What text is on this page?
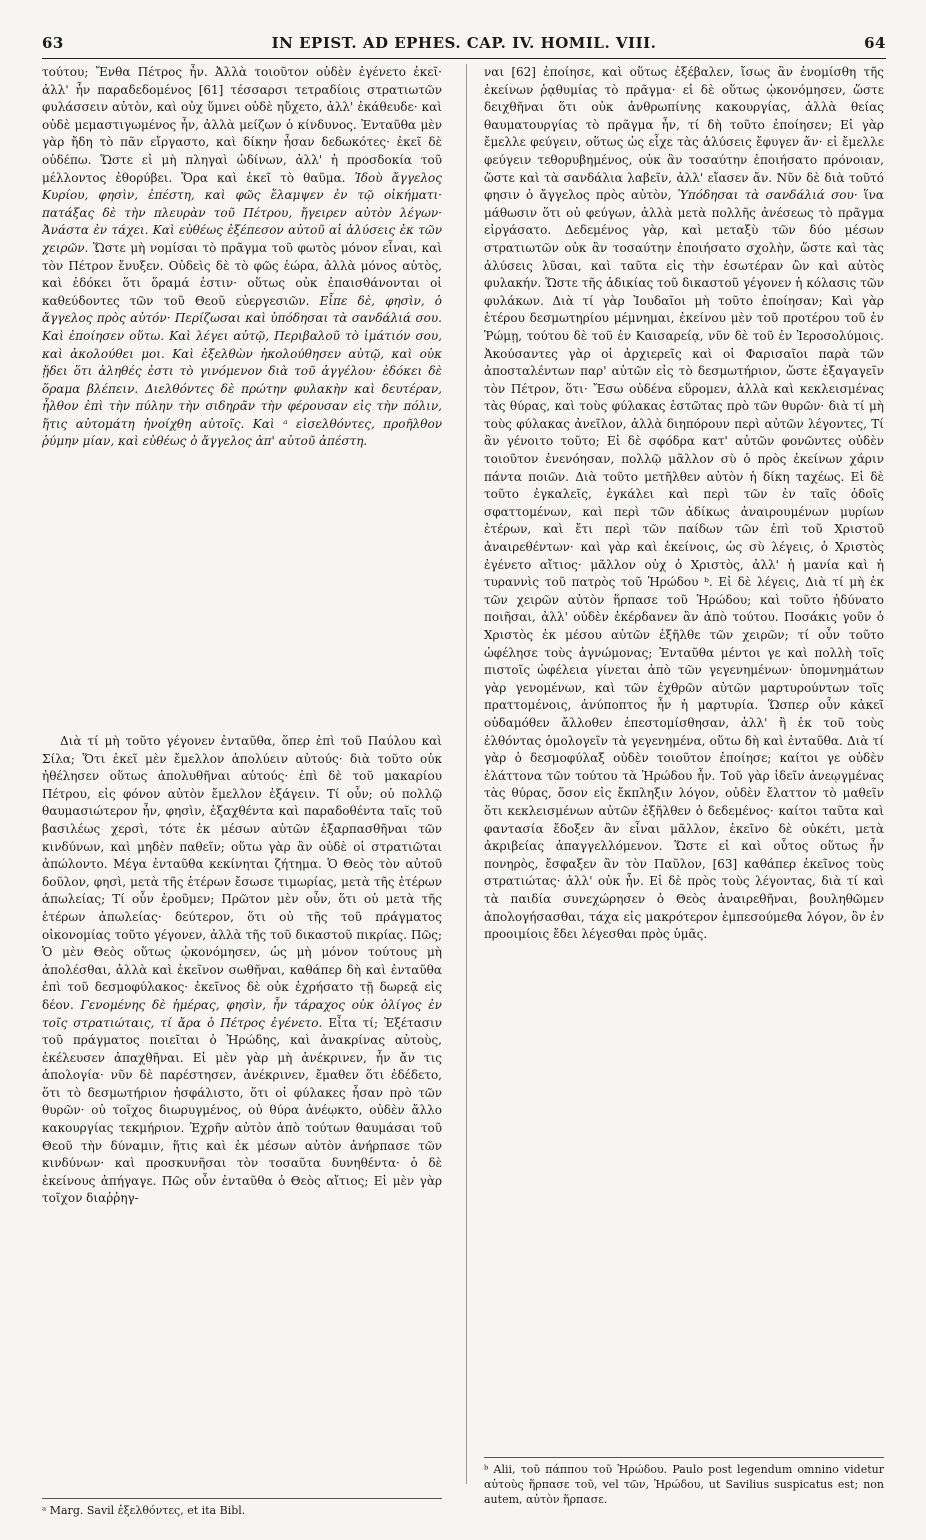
63	IN EPIST. AD EPHES. CAP. IV. HOMIL. VIII.	64

τούτου; Ἔνθα Πέτρος ἦν. Ἀλλὰ τοιοῦτον οὐδὲν ἐγένετο ἐκεῖ· ἀλλ' ἦν παραδεδομένος [61] τέσσαρσι τετραδίοις στρατιωτῶν φυλάσσειν αὐτὸν, καὶ οὐχ ὕμνει οὐδὲ ηὔχετο, ἀλλ' ἐκάθευδε· καὶ οὐδὲ μεμαστιγωμένος ἦν, ἀλλὰ μείζων ὁ κίνδυνος. Ἐνταῦθα μὲν γὰρ ἤδη τὸ πᾶν εἴργαστο, καὶ δίκην ἦσαν δεδωκότες· ἐκεῖ δὲ οὐδέπω. Ὥστε εἰ μὴ πληγαὶ ὠδίνων, ἀλλ' ἡ προσδοκία τοῦ μέλλοντος ἐθορύβει. Ὅρα καὶ ἐκεῖ τὸ θαῦμα. Ἰδοὺ ἄγγελος Κυρίου, φησὶν, ἐπέστη, καὶ φῶς ἔλαμψεν ἐν τῷ οἰκήματι· πατάξας δὲ τὴν πλευρὰν τοῦ Πέτρου, ἤγειρεν αὐτὸν λέγων· Ἀνάστα ἐν τάχει. Καὶ εὐθέως ἐξέπεσον αὐτοῦ αἱ ἁλύσεις ἐκ τῶν χειρῶν. Ὥστε μὴ νομίσαι τὸ πρᾶγμα τοῦ φωτὸς μόνον εἶναι, καὶ τὸν Πέτρον ἔνυξεν. Οὐδεὶς δὲ τὸ φῶς ἑώρα, ἀλλὰ μόνος αὐτὸς, καὶ ἐδόκει ὅτι ὅραμά ἐστιν· οὕτως οὐκ ἐπαισθάνονται οἱ καθεύδοντες τῶν τοῦ Θεοῦ εὐεργεσιῶν. Εἶπε δὲ, φησὶν, ὁ ἄγγελος πρὸς αὐτόν· Περίζωσαι καὶ ὑπόδησαι τὰ σανδάλιά σου. Καὶ ἐποίησεν οὕτω. Καὶ λέγει αὐτῷ, Περιβαλοῦ τὸ ἱμάτιόν σου, καὶ ἀκολούθει μοι. Καὶ ἐξελθὼν ἠκολούθησεν αὐτῷ, καὶ οὐκ ᾔδει ὅτι ἀληθές ἐστι τὸ γινόμενον διὰ τοῦ ἀγγέλου· ἐδόκει δὲ ὅραμα βλέπειν. Διελθόντες δὲ πρώτην φυλακὴν καὶ δευτέραν, ἦλθον ἐπὶ τὴν πύλην τὴν σιδηρᾶν τὴν φέρουσαν εἰς τὴν πόλιν, ἥτις αὐτομάτη ἠνοίχθη αὐτοῖς. Καὶ ᵃ εἰσελθόντες, προῆλθον ῥύμην μίαν, καὶ εὐθέως ὁ ἄγγελος ἀπ' αὐτοῦ ἀπέστη.

Διὰ τί μὴ τοῦτο γέγονεν ἐνταῦθα, ὅπερ ἐπὶ τοῦ Παύλου καὶ Σίλα; Ὅτι ἐκεῖ μὲν ἔμελλον ἀπολύειν αὐτούς· διὰ τοῦτο οὐκ ἠθέλησεν οὕτως ἀπολυθῆναι αὐτούς· ἐπὶ δὲ τοῦ μακαρίου Πέτρου, εἰς φόνον αὐτὸν ἔμελλον ἐξάγειν. Τί οὖν; οὐ πολλῷ θαυμασιώτερον ἦν, φησὶν, ἐξαχθέντα καὶ παραδοθέντα ταῖς τοῦ βασιλέως χερσὶ, τότε ἐκ μέσων αὐτῶν ἐξαρπασθῆναι τῶν κινδύνων, καὶ μηδὲν παθεῖν; οὕτω γὰρ ἂν οὐδὲ οἱ στρατιῶται ἀπώλοντο. Μέγα ἐνταῦθα κεκίνηται ζήτημα. Ὁ Θεὸς τὸν αὐτοῦ δοῦλον, φησὶ, μετὰ τῆς ἑτέρων ἔσωσε τιμωρίας, μετὰ τῆς ἑτέρων ἀπωλείας; Τί οὖν ἐροῦμεν; Πρῶτον μὲν οὖν, ὅτι οὐ μετὰ τῆς ἑτέρων ἀπωλείας· δεύτερον, ὅτι οὐ τῆς τοῦ πράγματος οἰκονομίας τοῦτο γέγονεν, ἀλλὰ τῆς τοῦ δικαστοῦ πικρίας. Πῶς; Ὁ μὲν Θεὸς οὕτως ᾠκονόμησεν, ὡς μὴ μόνον τούτους μὴ ἀπολέσθαι, ἀλλὰ καὶ ἐκεῖνον σωθῆναι, καθάπερ δὴ καὶ ἐνταῦθα ἐπὶ τοῦ δεσμοφύλακος· ἐκεῖνος δὲ οὐκ ἐχρήσατο τῇ δωρεᾷ εἰς δέον. Γενομένης δὲ ἡμέρας, φησὶν, ἦν τάραχος οὐκ ὀλίγος ἐν τοῖς στρατιώταις, τί ἄρα ὁ Πέτρος ἐγένετο. Εἶτα τί; Ἐξέτασιν τοῦ πράγματος ποιεῖται ὁ Ἡρώδης, καὶ ἀνακρίνας αὐτοὺς, ἐκέλευσεν ἀπαχθῆναι. Εἰ μὲν γὰρ μὴ ἀνέκρινεν, ἦν ἄν τις ἀπολογία· νῦν δὲ παρέστησεν, ἀνέκρινεν, ἔμαθεν ὅτι ἐδέδετο, ὅτι τὸ δεσμωτήριον ἠσφάλιστο, ὅτι οἱ φύλακες ἦσαν πρὸ τῶν θυρῶν· οὐ τοῖχος διωρυγμένος, οὐ θύρα ἀνέῳκτο, οὐδὲν ἄλλο κακουργίας τεκμήριον. Ἐχρῆν αὐτὸν ἀπὸ τούτων θαυμάσαι τοῦ Θεοῦ τὴν δύναμιν, ἥτις καὶ ἐκ μέσων αὐτὸν ἀνήρπασε τῶν κινδύνων· καὶ προσκυνῆσαι τὸν τοσαῦτα δυνηθέντα· ὁ δὲ ἐκείνους ἀπήγαγε. Πῶς οὖν ἐνταῦθα ὁ Θεὸς αἴτιος; Εἰ μὲν γὰρ τοῖχον διαῤῥηγ-

ναι [62] ἐποίησε, καὶ οὕτως ἐξέβαλεν, ἴσως ἂν ἐνομίσθη τῆς ἐκείνων ῥᾳθυμίας τὸ πρᾶγμα· εἰ δὲ οὕτως ᾠκονόμησεν, ὥστε δειχθῆναι ὅτι οὐκ ἀνθρωπίνης κακουργίας, ἀλλὰ θείας θαυματουργίας τὸ πρᾶγμα ἦν, τί δὴ τοῦτο ἐποίησεν; Εἰ γὰρ ἔμελλε φεύγειν, οὕτως ὡς εἶχε τὰς ἁλύσεις ἔφυγεν ἄν· εἰ ἔμελλε φεύγειν τεθορυβημένος, οὐκ ἂν τοσαύτην ἐποιήσατο πρόνοιαν, ὥστε καὶ τὰ σανδάλια λαβεῖν, ἀλλ' εἴασεν ἄν. Νῦν δὲ διὰ τοῦτό φησιν ὁ ἄγγελος πρὸς αὐτὸν, Ὑπόδησαι τὰ σανδάλιά σου· ἵνα μάθωσιν ὅτι οὐ φεύγων, ἀλλὰ μετὰ πολλῆς ἀνέσεως τὸ πρᾶγμα εἰργάσατο. Δεδεμένος γὰρ, καὶ μεταξὺ τῶν δύο μέσων στρατιωτῶν οὐκ ἂν τοσαύτην ἐποιήσατο σχολὴν, ὥστε καὶ τὰς ἁλύσεις λῦσαι, καὶ ταῦτα εἰς τὴν ἑσωτέραν ὢν καὶ αὐτὸς φυλακήν. Ὥστε τῆς ἀδικίας τοῦ δικαστοῦ γέγονεν ἡ κόλασις τῶν φυλάκων. Διὰ τί γὰρ Ἰουδαῖοι μὴ τοῦτο ἐποίησαν; Καὶ γὰρ ἑτέρου δεσμωτηρίου μέμνημαι, ἐκείνου μὲν τοῦ προτέρου τοῦ ἐν Ῥώμῃ, τούτου δὲ τοῦ ἐν Καισαρείᾳ, νῦν δὲ τοῦ ἐν Ἱεροσολύμοις. Ἀκούσαντες γὰρ οἱ ἀρχιερεῖς καὶ οἱ Φαρισαῖοι παρὰ τῶν ἀποσταλέντων παρ' αὐτῶν εἰς τὸ δεσμωτήριον, ὥστε ἐξαγαγεῖν τὸν Πέτρον, ὅτι· Ἔσω οὐδένα εὕρομεν, ἀλλὰ καὶ κεκλεισμένας τὰς θύρας, καὶ τοὺς φύλακας ἑστῶτας πρὸ τῶν θυρῶν· διὰ τί μὴ τοὺς φύλακας ἀνεῖλον, ἀλλὰ διηπόρουν περὶ αὐτῶν λέγοντες, Τί ἂν γένοιτο τοῦτο; Εἰ δὲ σφόδρα κατ' αὐτῶν φονῶντες οὐδὲν τοιοῦτον ἐνενόησαν, πολλῷ μᾶλλον σὺ ὁ πρὸς ἐκείνων χάριν πάντα ποιῶν. Διὰ τοῦτο μετῆλθεν αὐτὸν ἡ δίκη ταχέως. Εἰ δὲ τοῦτο ἐγκαλεῖς, ἐγκάλει καὶ περὶ τῶν ἐν ταῖς ὁδοῖς σφαττομένων, καὶ περὶ τῶν ἀδίκως ἀναιρουμένων μυρίων ἑτέρων, καὶ ἔτι περὶ τῶν παίδων τῶν ἐπὶ τοῦ Χριστοῦ ἀναιρεθέντων· καὶ γὰρ καὶ ἐκείνοις, ὡς σὺ λέγεις, ὁ Χριστὸς ἐγένετο αἴτιος· μᾶλλον οὐχ ὁ Χριστὸς, ἀλλ' ἡ μανία καὶ ἡ τυραννὶς τοῦ πατρὸς τοῦ Ἡρώδου ᵇ. Εἰ δὲ λέγεις, Διὰ τί μὴ ἐκ τῶν χειρῶν αὐτὸν ἥρπασε τοῦ Ἡρώδου; καὶ τοῦτο ἠδύνατο ποιῆσαι, ἀλλ' οὐδὲν ἐκέρδανεν ἂν ἀπὸ τούτου. Ποσάκις γοῦν ὁ Χριστὸς ἐκ μέσου αὐτῶν ἐξῆλθε τῶν χειρῶν; τί οὖν τοῦτο ὠφέλησε τοὺς ἀγνώμονας; Ἐνταῦθα μέντοι γε καὶ πολλὴ τοῖς πιστοῖς ὠφέλεια γίνεται ἀπὸ τῶν γεγενημένων· ὑπομνημάτων γὰρ γενομένων, καὶ τῶν ἐχθρῶν αὐτῶν μαρτυρούντων τοῖς πραττομένοις, ἀνύποπτος ἦν ἡ μαρτυρία. Ὥσπερ οὖν κἀκεῖ οὐδαμόθεν ἄλλοθεν ἐπεστομίσθησαν, ἀλλ' ἢ ἐκ τοῦ τοὺς ἐλθόντας ὁμολογεῖν τὰ γεγενημένα, οὕτω δὴ καὶ ἐνταῦθα. Διὰ τί γὰρ ὁ δεσμοφύλαξ οὐδὲν τοιοῦτον ἐποίησε; καίτοι γε οὐδὲν ἐλάττονα τῶν τούτου τὰ Ἡρώδου ἦν. Τοῦ γὰρ ἰδεῖν ἀνεῳγμένας τὰς θύρας, ὅσον εἰς ἔκπληξιν λόγον, οὐδὲν ἔλαττον τὸ μαθεῖν ὅτι κεκλεισμένων αὐτῶν ἐξῆλθεν ὁ δεδεμένος· καίτοι ταῦτα καὶ φαντασία ἔδοξεν ἂν εἶναι μᾶλλον, ἐκεῖνο δὲ οὐκέτι, μετὰ ἀκριβείας ἀπαγγελλόμενον. Ὥστε εἰ καὶ οὗτος οὕτως ἦν πονηρὸς, ἔσφαξεν ἂν τὸν Παῦλον, [63] καθάπερ ἐκεῖνος τοὺς στρατιώτας· ἀλλ' οὐκ ἦν. Εἰ δὲ πρὸς τοὺς λέγοντας, διὰ τί καὶ τὰ παιδία συνεχώρησεν ὁ Θεὸς ἀναιρεθῆναι, βουληθῶμεν ἀπολογήσασθαι, τάχα εἰς μακρότερον ἐμπεσούμεθα λόγον, ὃν ἐν προοιμίοις ἔδει λέγεσθαι πρὸς ὑμᾶς.

ᵇ Alii, τοῦ πάππου τοῦ Ἡρώδου. Paulo post legendum omnino videtur αὐτοὺς ἥρπασε τοῦ, vel τῶν, Ἡρώδου, ut Savilius suspicatus est; non autem, αὐτὸν ἥρπασε.
ᵃ Marg. Savil ἐξελθόντες, et ita Bibl.
